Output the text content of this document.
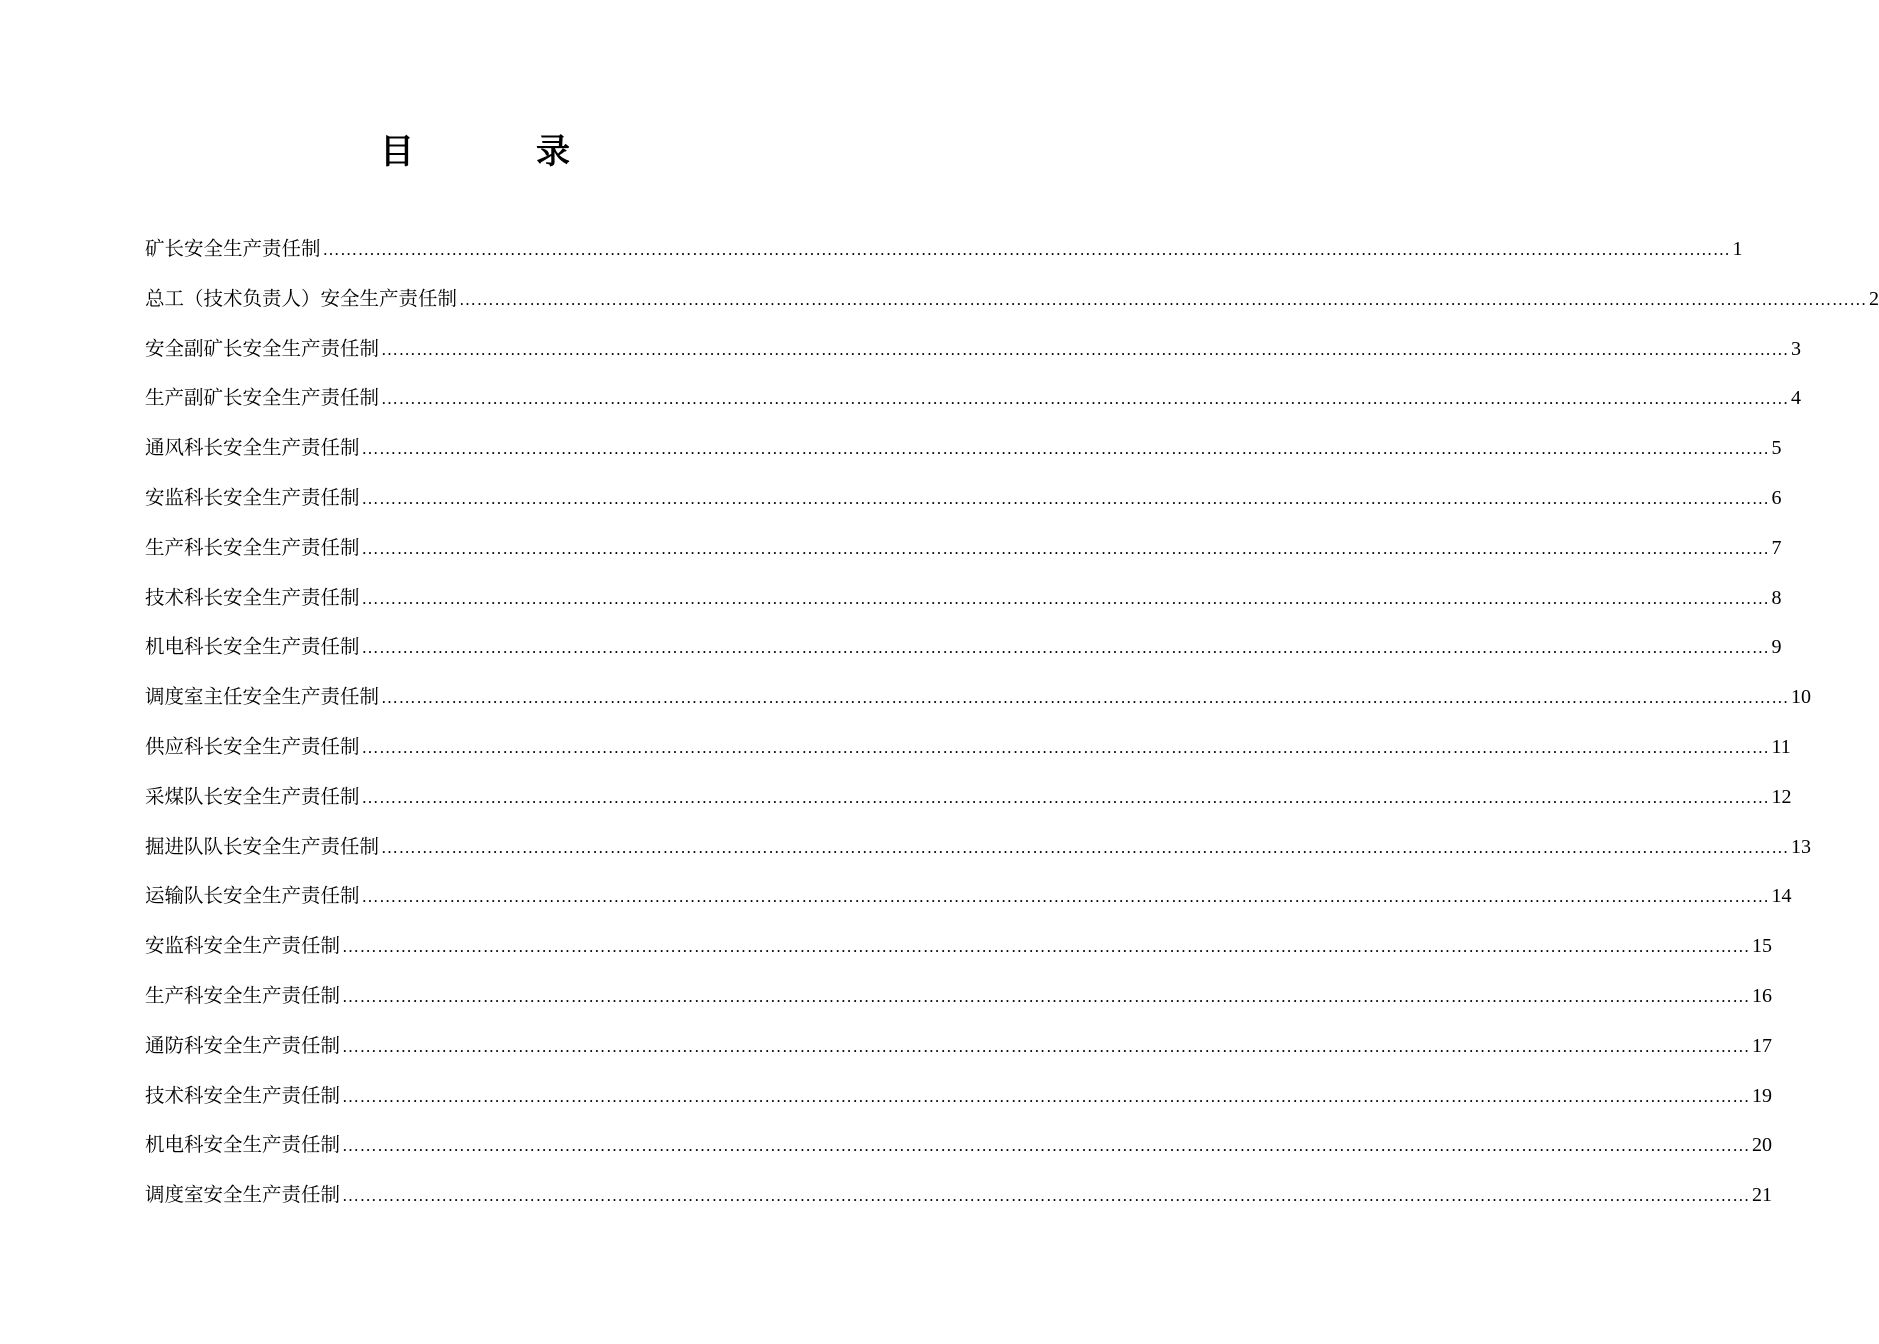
目　录
矿长安全生产责任制 …………………………………………………………………………………………………………………………………………………………………………………………………………………… 1
总工（技术负责人）安全生产责任制 …………………………………………………………………………………………………………………………………………………………………………………………………………………… 2
安全副矿长安全生产责任制 …………………………………………………………………………………………………………………………………………………………………………………………………………………… 3
生产副矿长安全生产责任制 …………………………………………………………………………………………………………………………………………………………………………………………………………………… 4
通风科长安全生产责任制 …………………………………………………………………………………………………………………………………………………………………………………………………………………… 5
安监科长安全生产责任制 …………………………………………………………………………………………………………………………………………………………………………………………………………………… 6
生产科长安全生产责任制 …………………………………………………………………………………………………………………………………………………………………………………………………………………… 7
技术科长安全生产责任制 …………………………………………………………………………………………………………………………………………………………………………………………………………………… 8
机电科长安全生产责任制 …………………………………………………………………………………………………………………………………………………………………………………………………………………… 9
调度室主任安全生产责任制 …………………………………………………………………………………………………………………………………………………………………………………………………………………… 10
供应科长安全生产责任制 …………………………………………………………………………………………………………………………………………………………………………………………………………………… 11
采煤队长安全生产责任制 …………………………………………………………………………………………………………………………………………………………………………………………………………………… 12
掘进队队长安全生产责任制 …………………………………………………………………………………………………………………………………………………………………………………………………………………… 13
运输队长安全生产责任制 …………………………………………………………………………………………………………………………………………………………………………………………………………………… 14
安监科安全生产责任制 …………………………………………………………………………………………………………………………………………………………………………………………………………………… 15
生产科安全生产责任制 …………………………………………………………………………………………………………………………………………………………………………………………………………………… 16
通防科安全生产责任制 …………………………………………………………………………………………………………………………………………………………………………………………………………………… 17
技术科安全生产责任制 …………………………………………………………………………………………………………………………………………………………………………………………………………………… 19
机电科安全生产责任制 …………………………………………………………………………………………………………………………………………………………………………………………………………………… 20
调度室安全生产责任制 …………………………………………………………………………………………………………………………………………………………………………………………………………………… 21
